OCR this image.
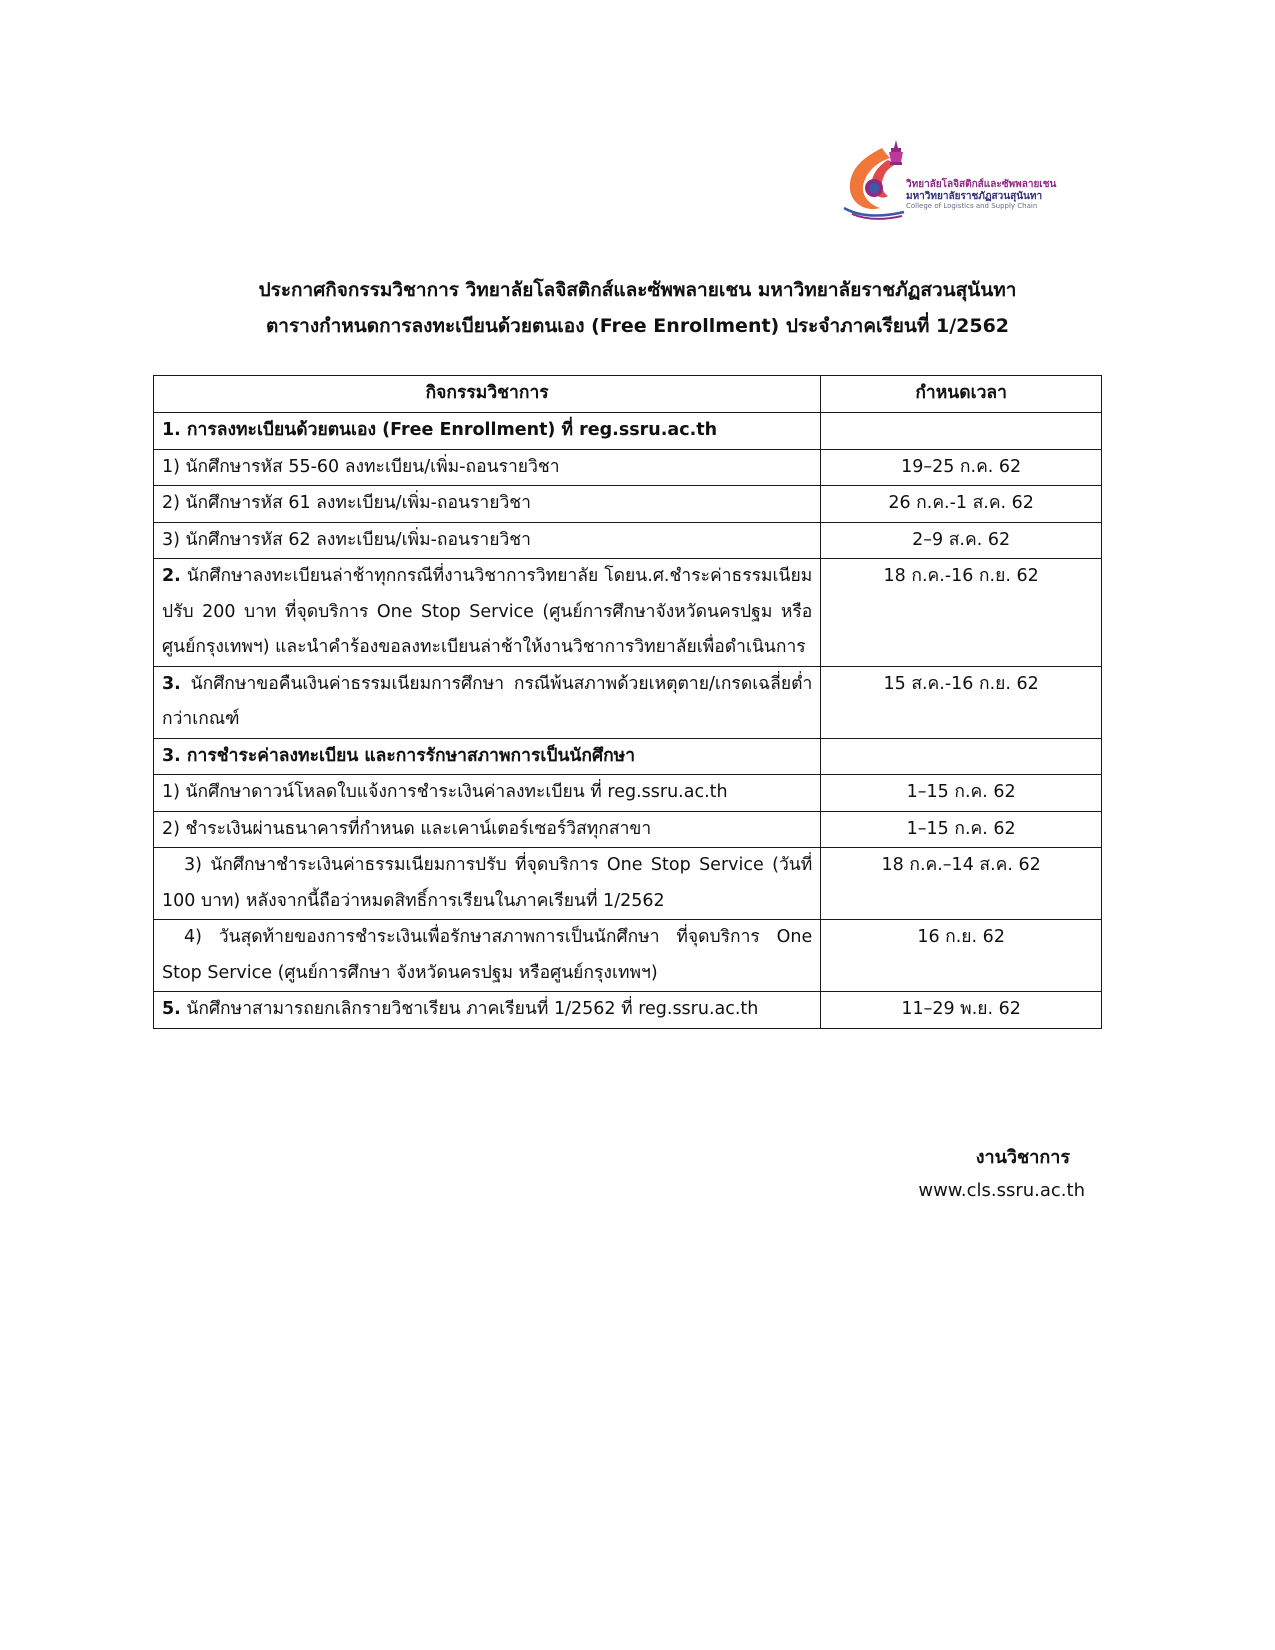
วิทยาลัยโลจิสติกส์และซัพพลายเชน
มหาวิทยาลัยราชภัฏสวนสุนันทา
College of Logistics and Supply Chain
ประกาศกิจกรรมวิชาการ วิทยาลัยโลจิสติกส์และซัพพลายเชน มหาวิทยาลัยราชภัฏสวนสุนันทา
ตารางกำหนดการลงทะเบียนด้วยตนเอง (Free Enrollment) ประจำภาคเรียนที่ 1/2562
กิจกรรมวิชาการ	กำหนดเวลา
1. การลงทะเบียนด้วยตนเอง (Free Enrollment) ที่ reg.ssru.ac.th	
1) นักศึกษารหัส 55-60 ลงทะเบียน/เพิ่ม-ถอนรายวิชา	19–25 ก.ค. 62
2) นักศึกษารหัส 61 ลงทะเบียน/เพิ่ม-ถอนรายวิชา	26 ก.ค.-1 ส.ค. 62
3) นักศึกษารหัส 62 ลงทะเบียน/เพิ่ม-ถอนรายวิชา	2–9 ส.ค. 62
2. นักศึกษาลงทะเบียนล่าช้าทุกกรณีที่งานวิชาการวิทยาลัย โดยน.ศ.ชำระค่าธรรมเนียมปรับ 200 บาท ที่จุดบริการ One Stop Service (ศูนย์การศึกษาจังหวัดนครปฐม หรือศูนย์กรุงเทพฯ) และนำคำร้องขอลงทะเบียนล่าช้าให้งานวิชาการวิทยาลัยเพื่อดำเนินการ	18 ก.ค.-16 ก.ย. 62
3. นักศึกษาขอคืนเงินค่าธรรมเนียมการศึกษา กรณีพ้นสภาพด้วยเหตุตาย/เกรดเฉลี่ยต่ำกว่าเกณฑ์	15 ส.ค.-16 ก.ย. 62
3. การชำระค่าลงทะเบียน และการรักษาสภาพการเป็นนักศึกษา	
1) นักศึกษาดาวน์โหลดใบแจ้งการชำระเงินค่าลงทะเบียน ที่ reg.ssru.ac.th	1–15 ก.ค. 62
2) ชำระเงินผ่านธนาคารที่กำหนด และเคาน์เตอร์เซอร์วิสทุกสาขา	1–15 ก.ค. 62
3) นักศึกษาชำระเงินค่าธรรมเนียมการปรับ ที่จุดบริการ One Stop Service (วันที่ 100 บาท) หลังจากนี้ถือว่าหมดสิทธิ์การเรียนในภาคเรียนที่ 1/2562	18 ก.ค.–14 ส.ค. 62
4) วันสุดท้ายของการชำระเงินเพื่อรักษาสภาพการเป็นนักศึกษา ที่จุดบริการ One Stop Service (ศูนย์การศึกษา จังหวัดนครปฐม หรือศูนย์กรุงเทพฯ)	16 ก.ย. 62
5. นักศึกษาสามารถยกเลิกรายวิชาเรียน ภาคเรียนที่ 1/2562 ที่ reg.ssru.ac.th	11–29 พ.ย. 62
งานวิชาการ
www.cls.ssru.ac.th
